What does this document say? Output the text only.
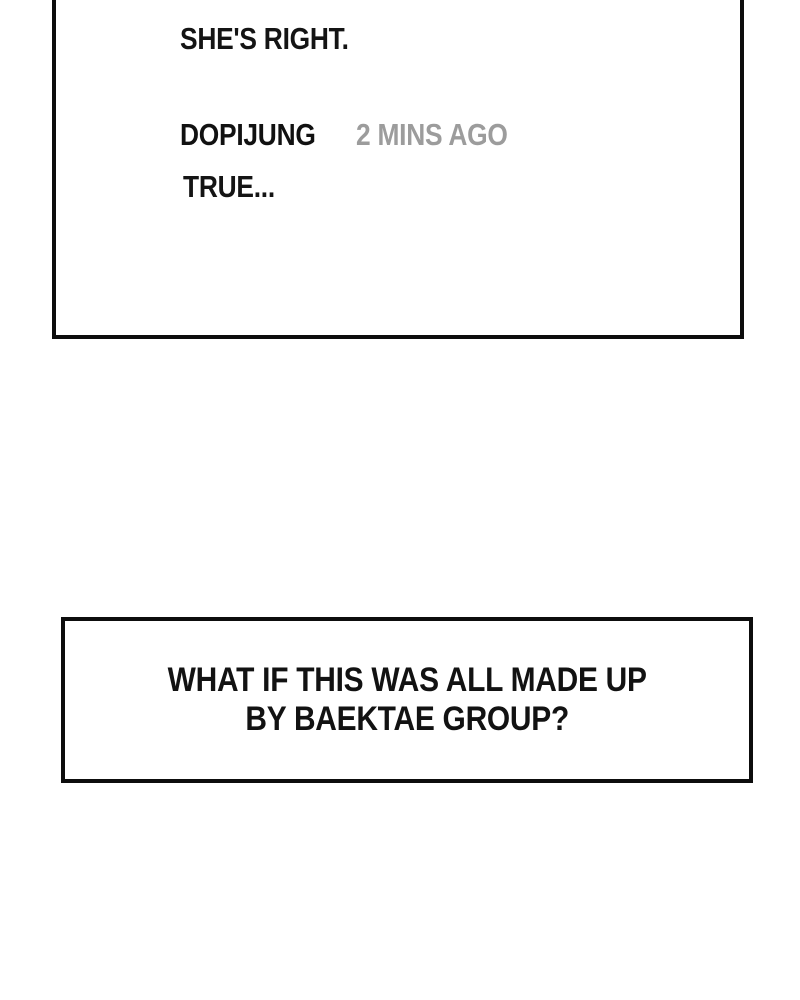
SHE'S RIGHT.
DOPIJUNG 2 MINS AGO
TRUE...
WHAT IF THIS WAS ALL MADE UP
BY BAEKTAE GROUP?
